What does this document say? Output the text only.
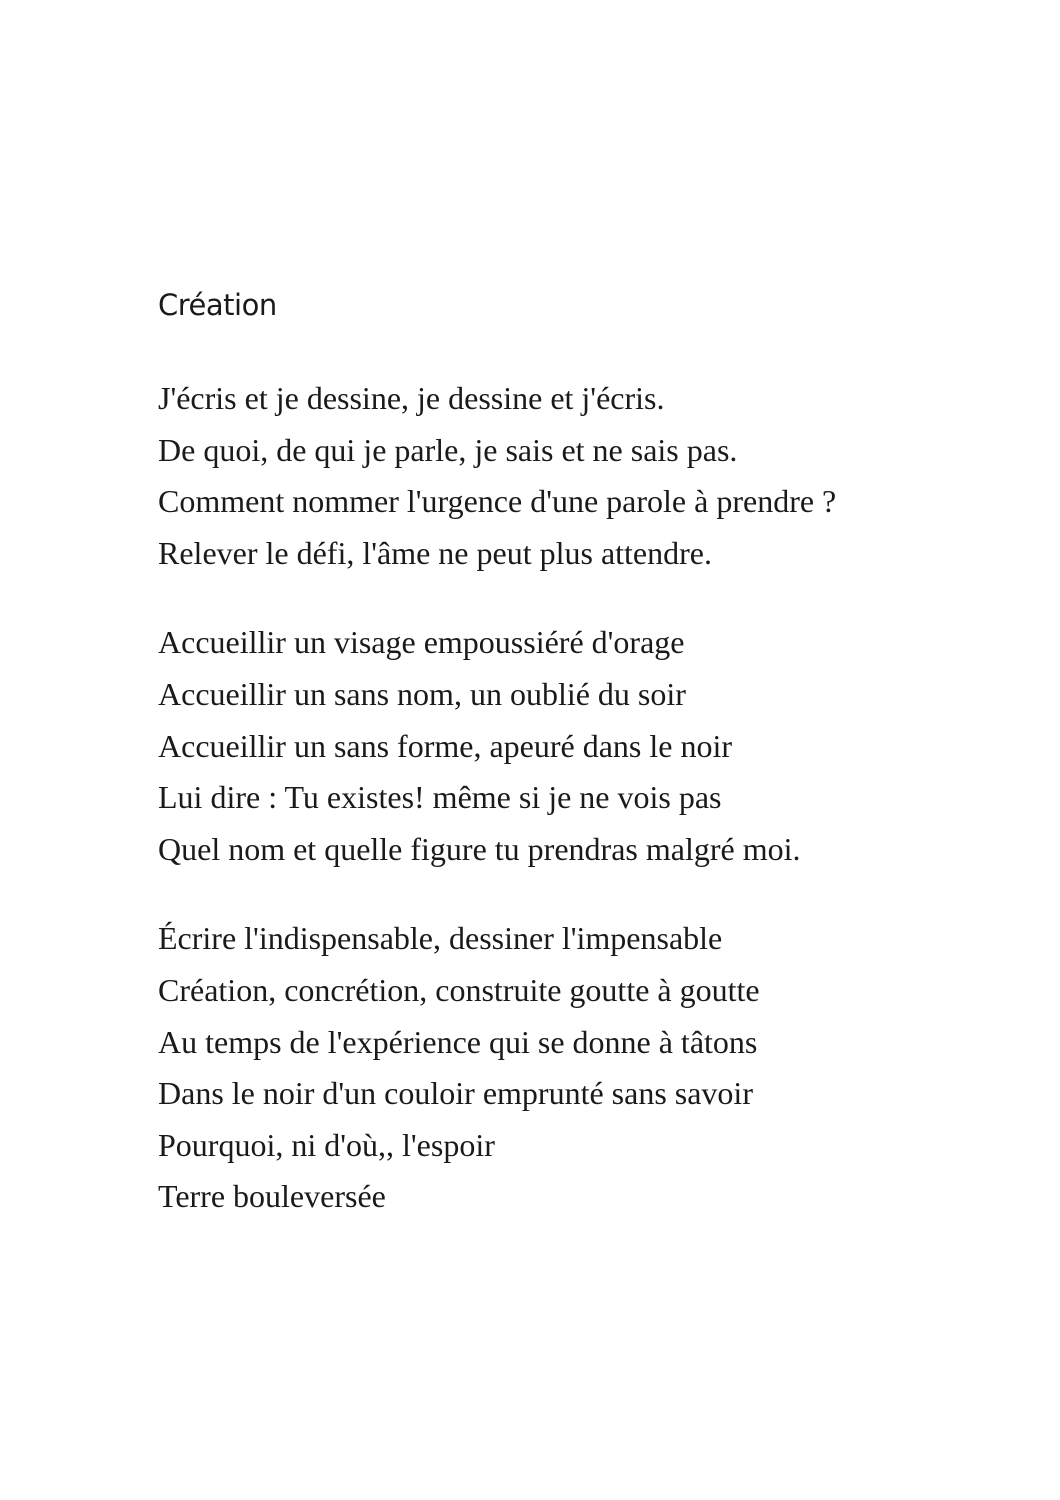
Création
J'écris et je dessine, je dessine et j'écris.
De quoi, de qui je parle, je sais et ne sais pas.
Comment nommer l'urgence d'une parole à prendre ?
Relever le défi, l'âme ne peut plus attendre.
Accueillir un visage empoussiéré d'orage
Accueillir un sans nom, un oublié du soir
Accueillir un sans forme, apeuré dans le noir
Lui dire : Tu existes! même si je ne vois pas
Quel nom et quelle figure tu prendras malgré moi.
Écrire l'indispensable, dessiner l'impensable
Création, concrétion, construite goutte à goutte
Au temps de l'expérience qui se donne à tâtons
Dans le noir d'un couloir emprunté sans savoir
Pourquoi, ni d'où,, l'espoir
Terre bouleversée
